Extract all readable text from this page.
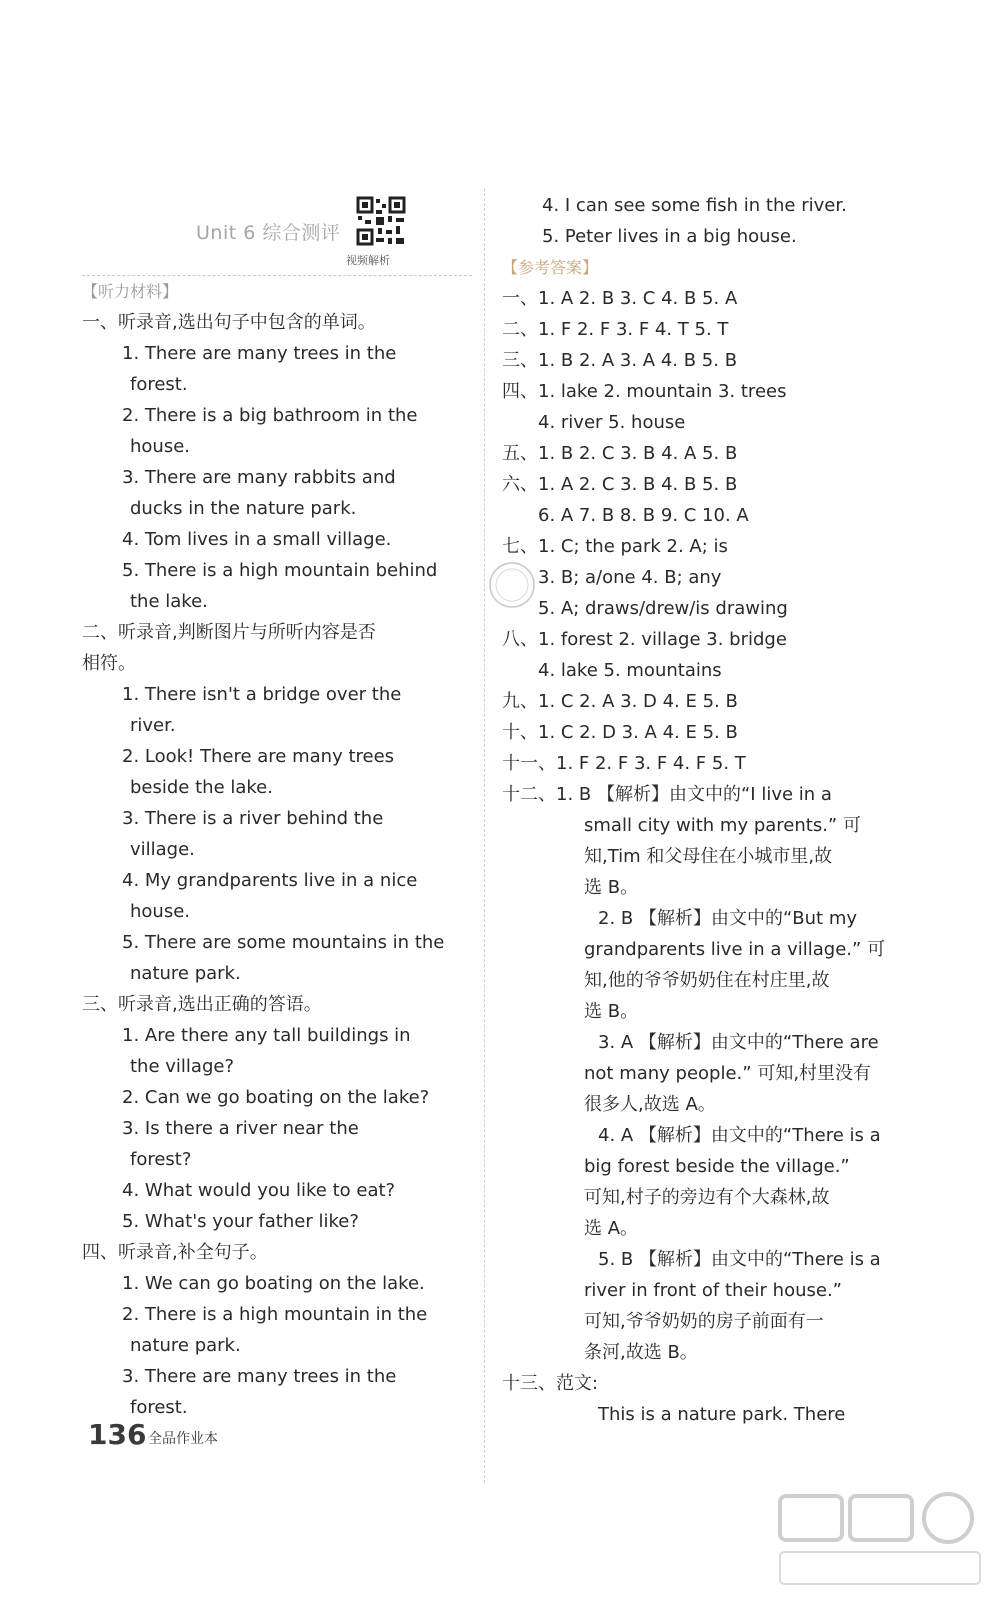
Unit 6 综合测评
视频解析
【听力材料】
一、听录音,选出句子中包含的单词。
1. There are many trees in the
forest.
2. There is a big bathroom in the
house.
3. There are many rabbits and
ducks in the nature park.
4. Tom lives in a small village.
5. There is a high mountain behind
the lake.
二、听录音,判断图片与所听内容是否
相符。
1. There isn't a bridge over the
river.
2. Look! There are many trees
beside the lake.
3. There is a river behind the
village.
4. My grandparents live in a nice
house.
5. There are some mountains in the
nature park.
三、听录音,选出正确的答语。
1. Are there any tall buildings in
the village?
2. Can we go boating on the lake?
3. Is there a river near the
forest?
4. What would you like to eat?
5. What's your father like?
四、听录音,补全句子。
1. We can go boating on the lake.
2. There is a high mountain in the
nature park.
3. There are many trees in the
forest.
4. I can see some fish in the river.
5. Peter lives in a big house.
【参考答案】
一、1. A 2. B 3. C 4. B 5. A
二、1. F 2. F 3. F 4. T 5. T
三、1. B 2. A 3. A 4. B 5. B
四、1. lake 2. mountain 3. trees
4. river 5. house
五、1. B 2. C 3. B 4. A 5. B
六、1. A 2. C 3. B 4. B 5. B
6. A 7. B 8. B 9. C 10. A
七、1. C; the park 2. A; is
3. B; a/one 4. B; any
5. A; draws/drew/is drawing
八、1. forest 2. village 3. bridge
4. lake 5. mountains
九、1. C 2. A 3. D 4. E 5. B
十、1. C 2. D 3. A 4. E 5. B
十一、1. F 2. F 3. F 4. F 5. T
十二、1. B 【解析】由文中的“I live in a
small city with my parents.” 可
知,Tim 和父母住在小城市里,故
选 B。
2. B 【解析】由文中的“But my
grandparents live in a village.” 可
知,他的爷爷奶奶住在村庄里,故
选 B。
3. A 【解析】由文中的“There are
not many people.” 可知,村里没有
很多人,故选 A。
4. A 【解析】由文中的“There is a
big forest beside the village.”
可知,村子的旁边有个大森林,故
选 A。
5. B 【解析】由文中的“There is a
river in front of their house.”
可知,爷爷奶奶的房子前面有一
条河,故选 B。
十三、范文:
This is a nature park. There
136 全品作业本
